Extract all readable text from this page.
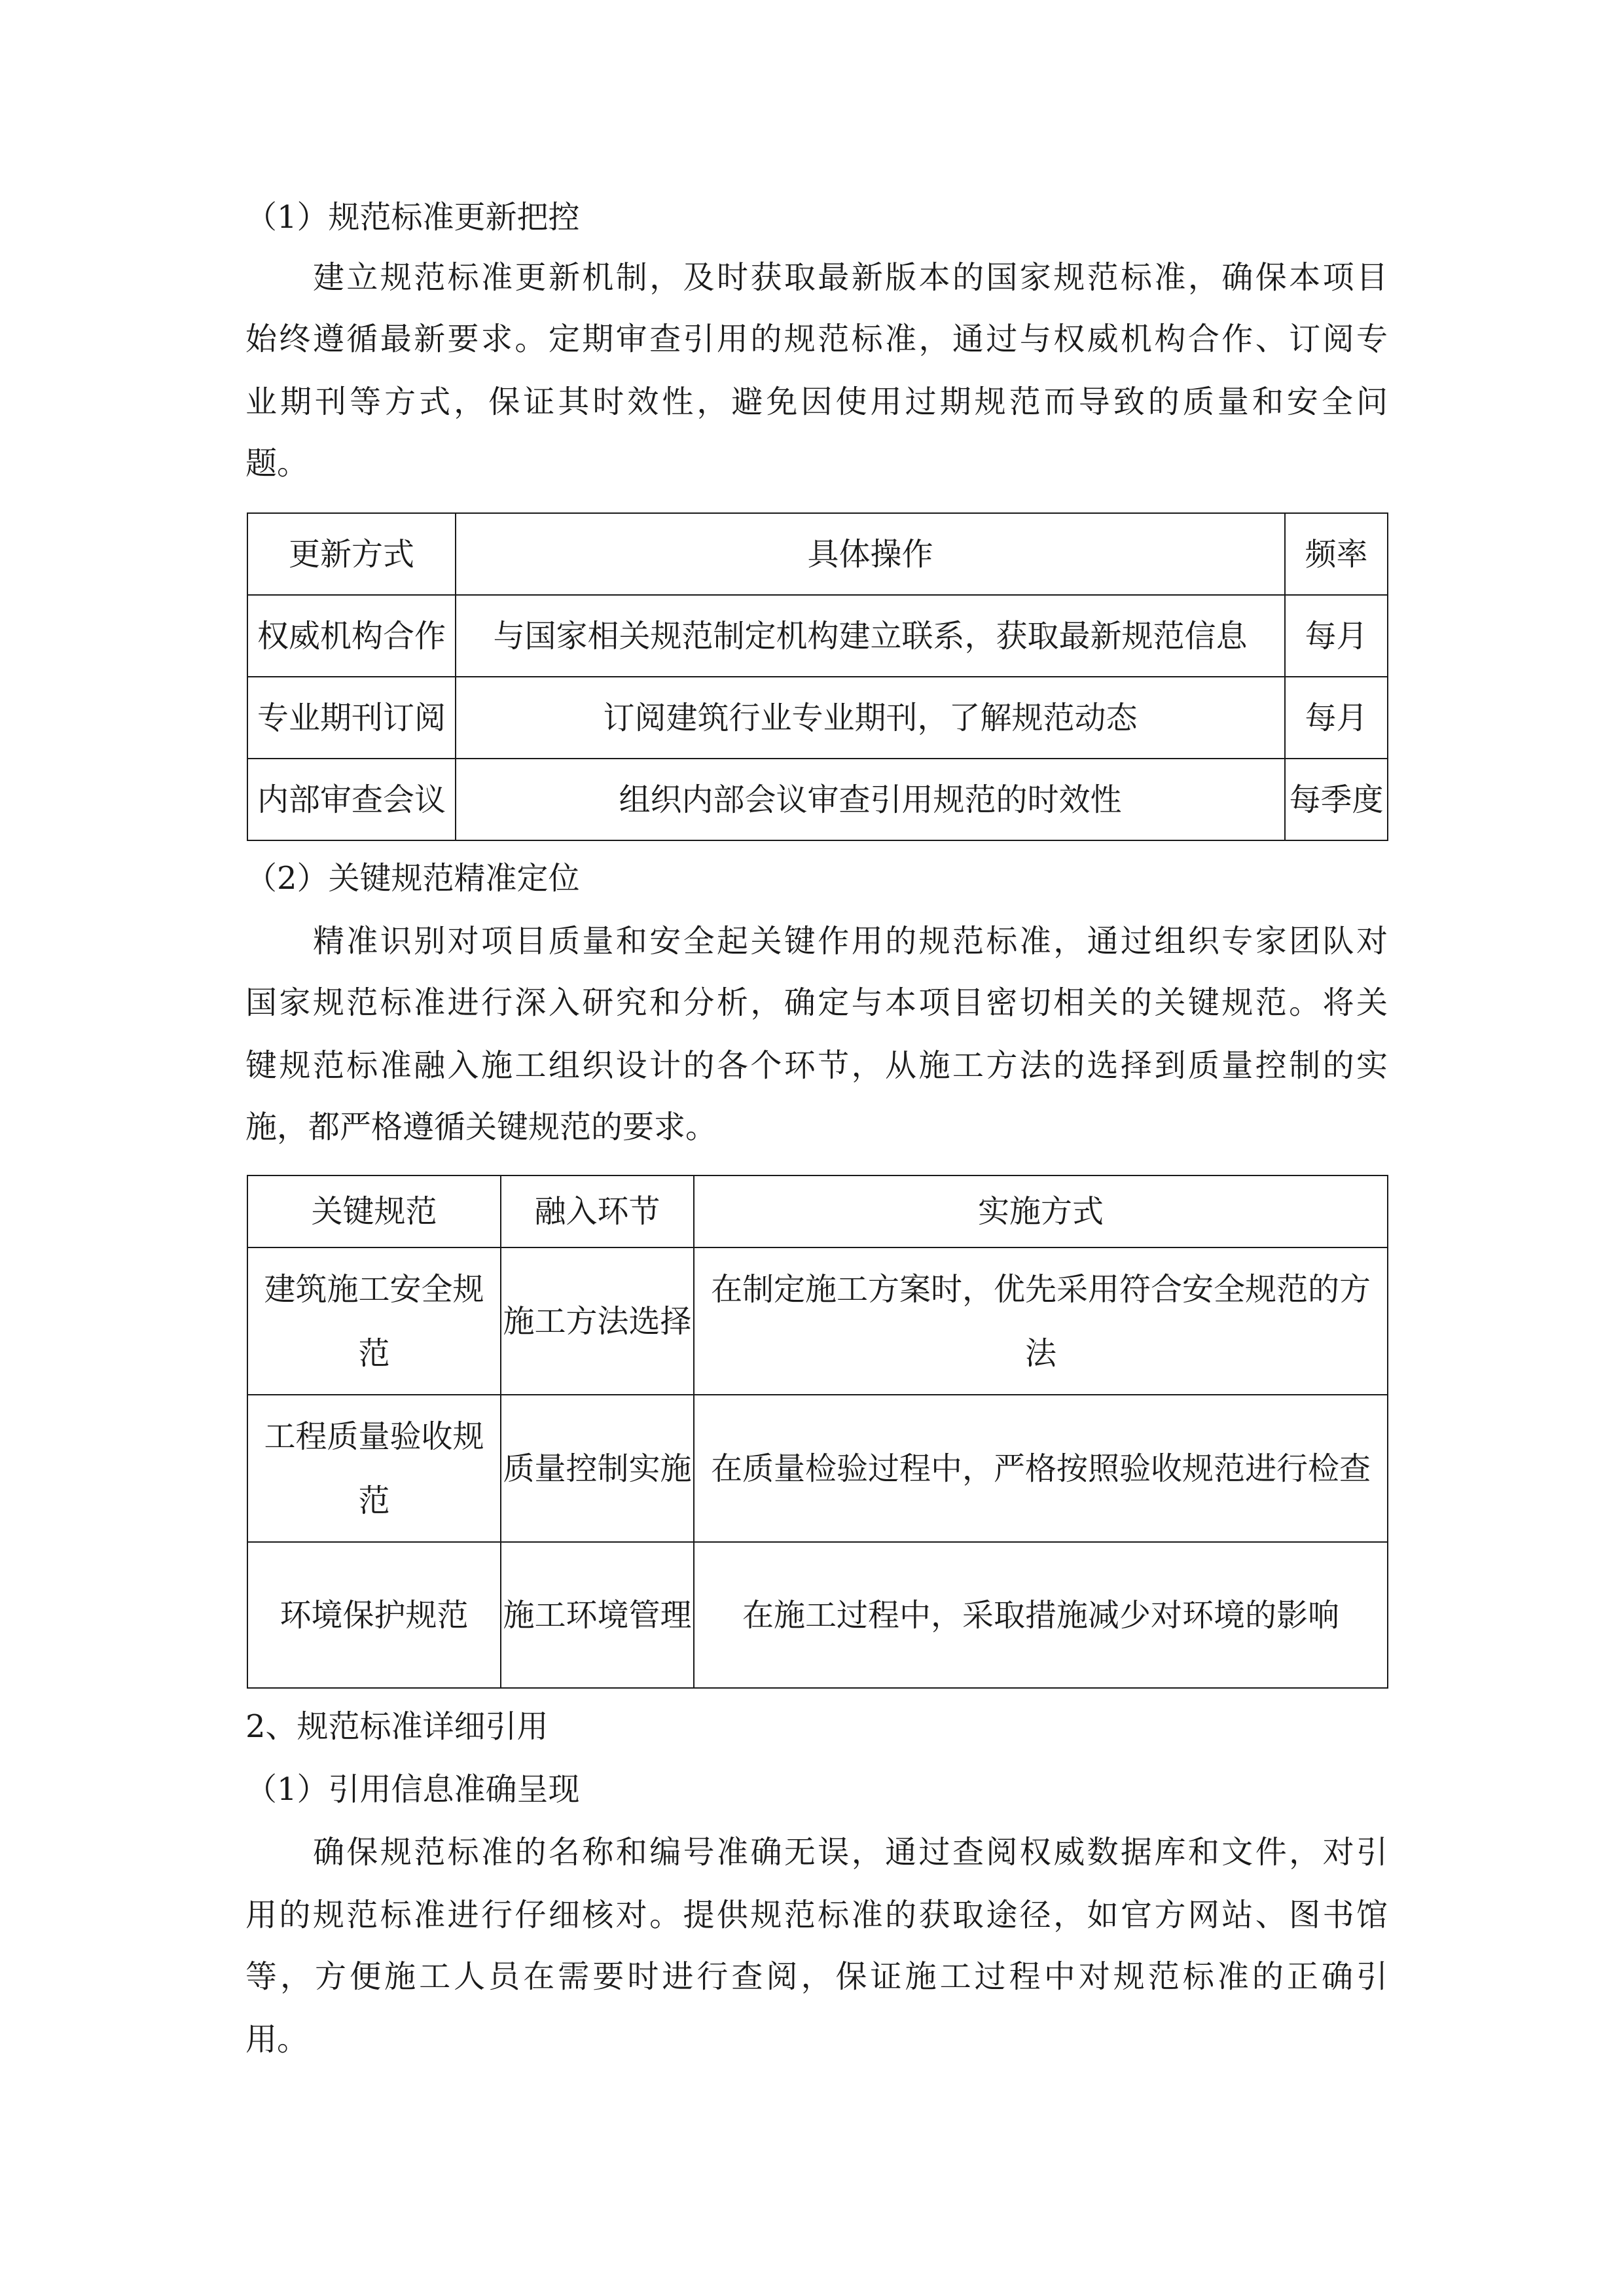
（1）规范标准更新把控
建立规范标准更新机制，及时获取最新版本的国家规范标准，确保本项目
始终遵循最新要求。定期审查引用的规范标准，通过与权威机构合作、订阅专
业期刊等方式，保证其时效性，避免因使用过期规范而导致的质量和安全问
题。
更新方式	具体操作	频率
权威机构合作	与国家相关规范制定机构建立联系，获取最新规范信息	每月
专业期刊订阅	订阅建筑行业专业期刊，了解规范动态	每月
内部审查会议	组织内部会议审查引用规范的时效性	每季度
（2）关键规范精准定位
精准识别对项目质量和安全起关键作用的规范标准，通过组织专家团队对
国家规范标准进行深入研究和分析，确定与本项目密切相关的关键规范。将关
键规范标准融入施工组织设计的各个环节，从施工方法的选择到质量控制的实
施，都严格遵循关键规范的要求。
关键规范	融入环节	实施方式
建筑施工安全规范	施工方法选择	在制定施工方案时，优先采用符合安全规范的方法
工程质量验收规范	质量控制实施	在质量检验过程中，严格按照验收规范进行检查
环境保护规范	施工环境管理	在施工过程中，采取措施减少对环境的影响
2、规范标准详细引用
（1）引用信息准确呈现
确保规范标准的名称和编号准确无误，通过查阅权威数据库和文件，对引
用的规范标准进行仔细核对。提供规范标准的获取途径，如官方网站、图书馆
等，方便施工人员在需要时进行查阅，保证施工过程中对规范标准的正确引
用。
